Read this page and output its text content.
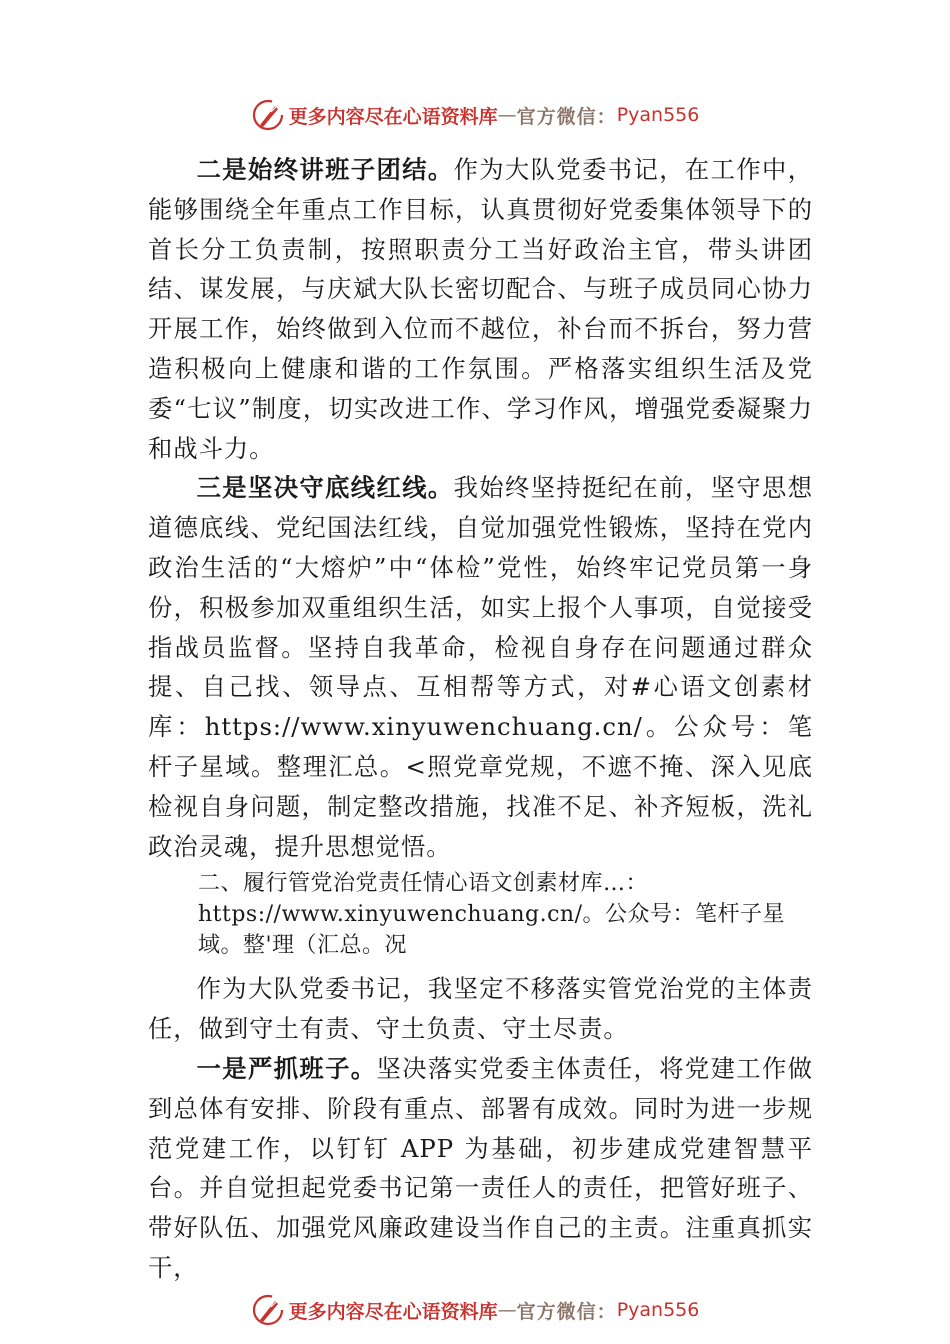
更多内容尽在心语资料库 — 官方微信： Pyan556

二是始终讲班子团结。作为大队党委书记，在工作中，能够围绕全年重点工作目标，认真贯彻好党委集体领导下的首长分工负责制，按照职责分工当好政治主官，带头讲团结、谋发展，与庆斌大队长密切配合、与班子成员同心协力开展工作，始终做到入位而不越位，补台而不拆台，努力营造积极向上健康和谐的工作氛围。严格落实组织生活及党委“七议”制度，切实改进工作、学习作风，增强党委凝聚力和战斗力。

三是坚决守底线红线。我始终坚持挺纪在前，坚守思想道德底线、党纪国法红线，自觉加强党性锻炼，坚持在党内政治生活的“大熔炉”中“体检”党性，始终牢记党员第一身份，积极参加双重组织生活，如实上报个人事项，自觉接受指战员监督。坚持自我革命，检视自身存在问题通过群众提、自己找、领导点、互相帮等方式，对#心语文创素材库：https://www.xinyuwenchuang.cn/。公众号：笔杆子星域。整理汇总。<照党章党规，不遮不掩、深入见底检视自身问题，制定整改措施，找准不足、补齐短板，洗礼政治灵魂，提升思想觉悟。

二、履行管党治党责任情心语文创素材库…：https://www.xinyuwenchuang.cn/。公众号：笔杆子星域。整'理（汇总。况

作为大队党委书记，我坚定不移落实管党治党的主体责任，做到守土有责、守土负责、守土尽责。

一是严抓班子。坚决落实党委主体责任，将党建工作做到总体有安排、阶段有重点、部署有成效。同时为进一步规范党建工作，以钉钉 APP 为基础，初步建成党建智慧平台。并自觉担起党委书记第一责任人的责任，把管好班子、带好队伍、加强党风廉政建设当作自己的主责。注重真抓实干，

更多内容尽在心语资料库 — 官方微信： Pyan556
